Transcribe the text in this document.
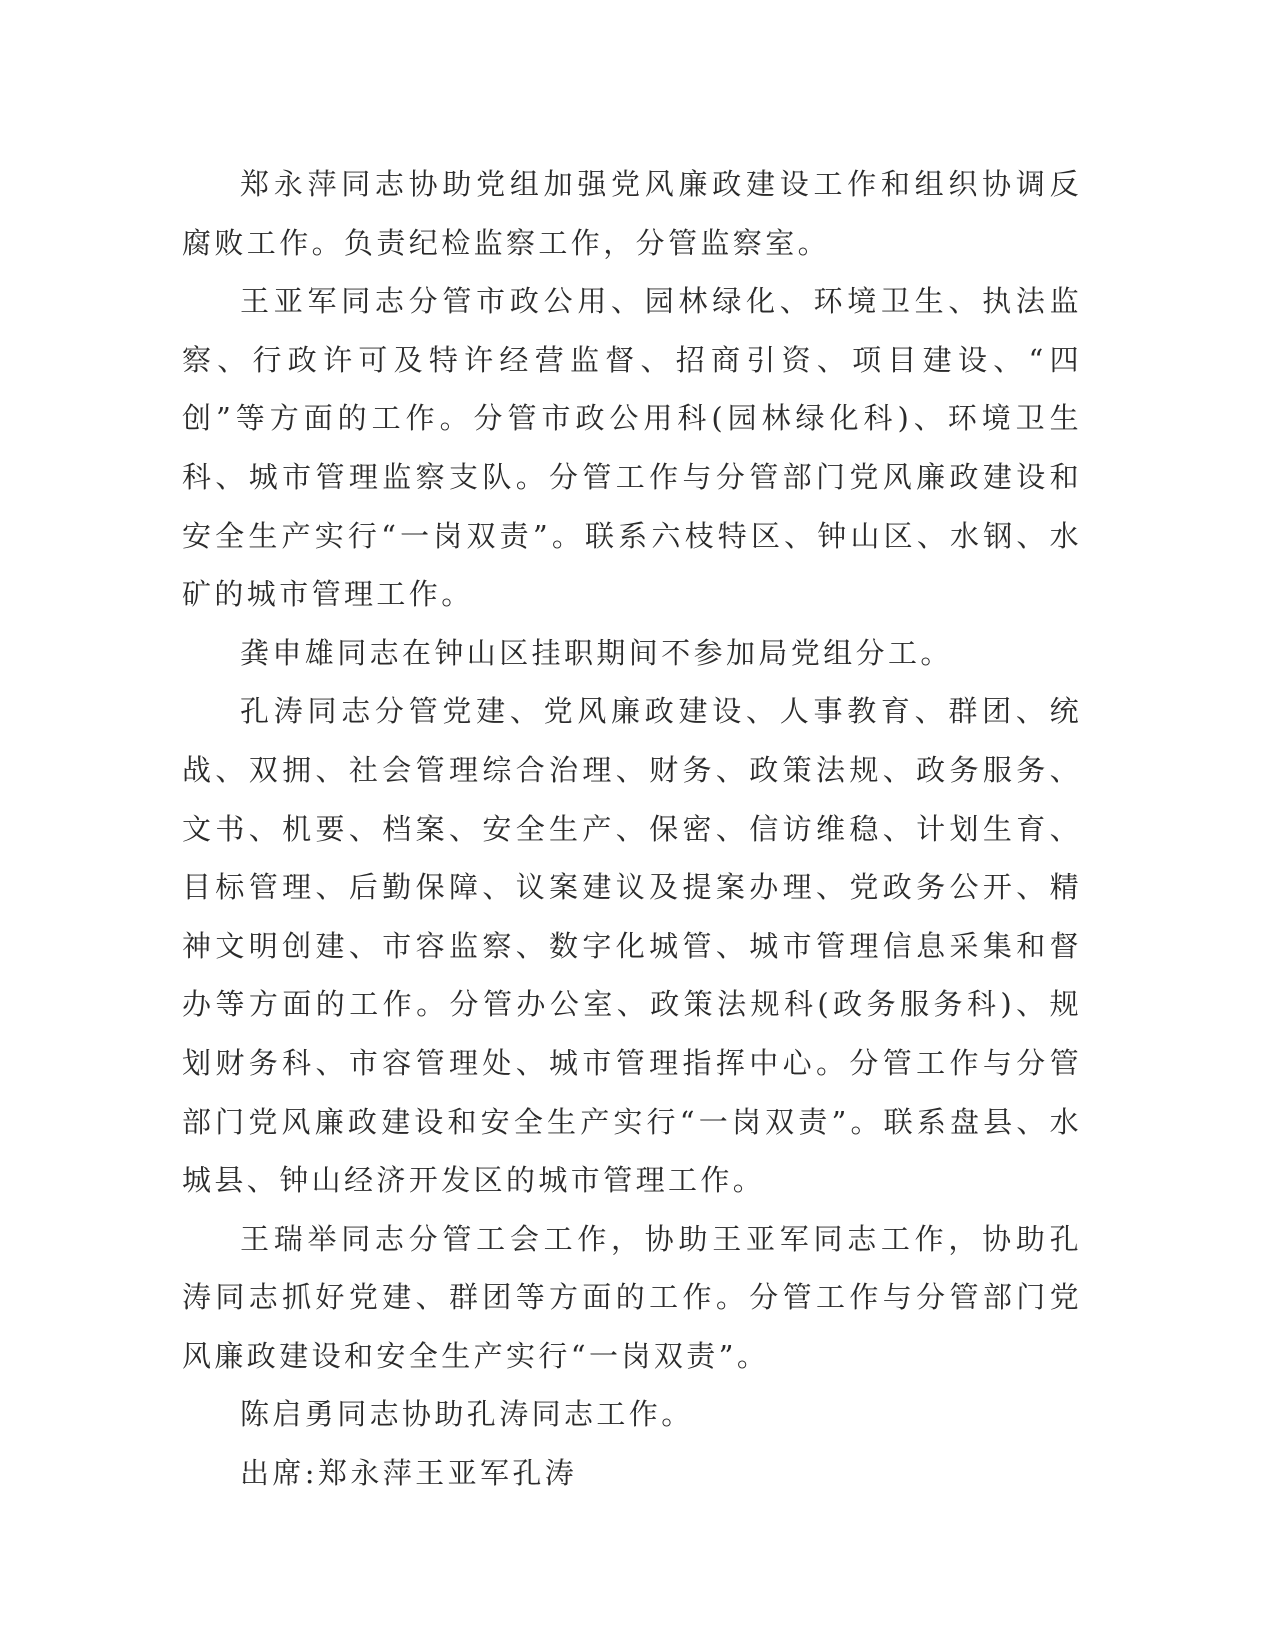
郑永萍同志协助党组加强党风廉政建设工作和组织协调反腐败工作。负责纪检监察工作，分管监察室。

王亚军同志分管市政公用、园林绿化、环境卫生、执法监察、行政许可及特许经营监督、招商引资、项目建设、“四创”等方面的工作。分管市政公用科(园林绿化科)、环境卫生科、城市管理监察支队。分管工作与分管部门党风廉政建设和安全生产实行“一岗双责”。联系六枝特区、钟山区、水钢、水矿的城市管理工作。

龚申雄同志在钟山区挂职期间不参加局党组分工。

孔涛同志分管党建、党风廉政建设、人事教育、群团、统战、双拥、社会管理综合治理、财务、政策法规、政务服务、文书、机要、档案、安全生产、保密、信访维稳、计划生育、目标管理、后勤保障、议案建议及提案办理、党政务公开、精神文明创建、市容监察、数字化城管、城市管理信息采集和督办等方面的工作。分管办公室、政策法规科(政务服务科)、规划财务科、市容管理处、城市管理指挥中心。分管工作与分管部门党风廉政建设和安全生产实行“一岗双责”。联系盘县、水城县、钟山经济开发区的城市管理工作。

王瑞举同志分管工会工作，协助王亚军同志工作，协助孔涛同志抓好党建、群团等方面的工作。分管工作与分管部门党风廉政建设和安全生产实行“一岗双责”。

陈启勇同志协助孔涛同志工作。

出席:郑永萍王亚军孔涛
